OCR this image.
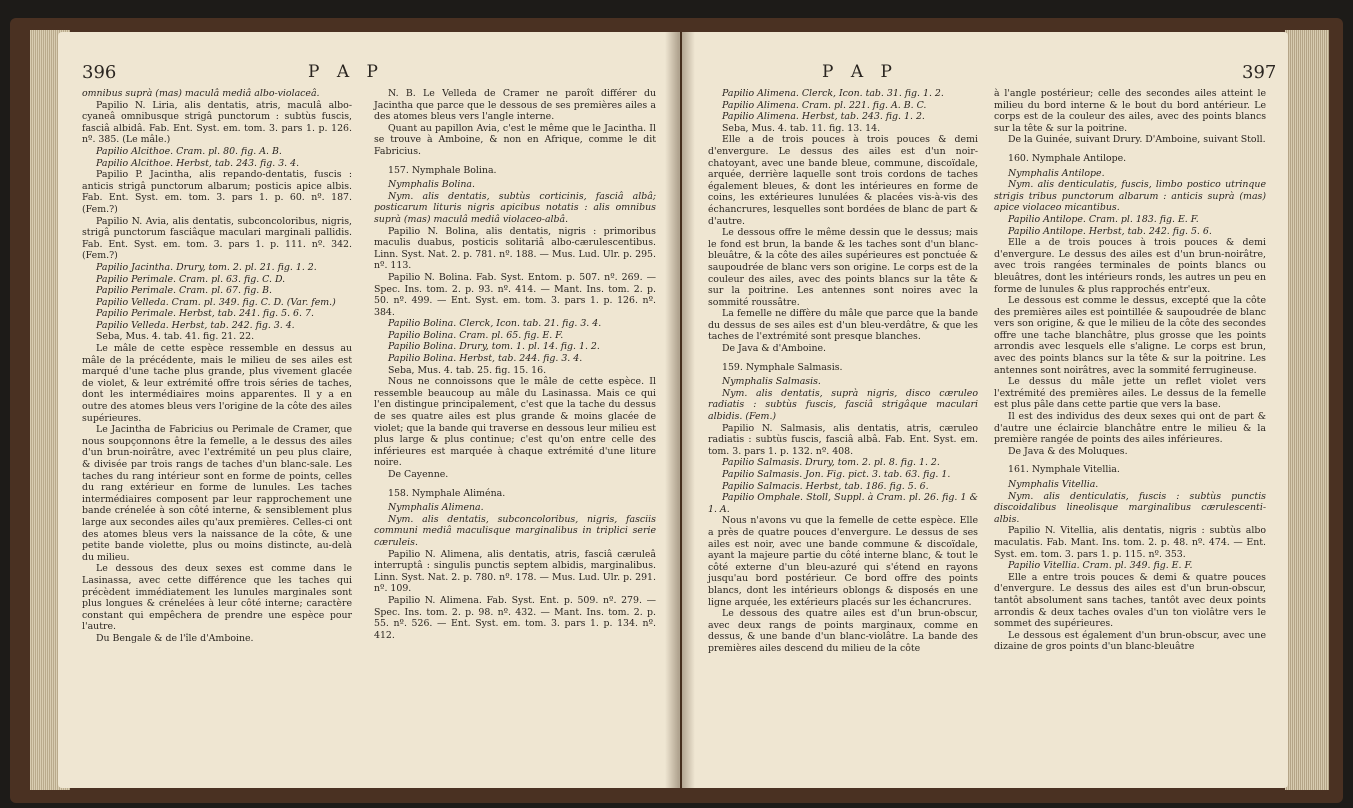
396	P A P

omnibus suprà (mas) maculâ mediâ albo-violaceâ.

Papilio N. Liria, alis dentatis, atris, maculâ albo-cyaneâ omnibusque strigâ punctorum : subtùs fuscis, fasciâ albidâ. Fab. Ent. Syst. em. tom. 3. pars 1. p. 126. nº. 385. (Le mâle.)

Papilio Alcithoe. Cram. pl. 80. fig. A. B.

Papilio Alcithoe. Herbst, tab. 243. fig. 3. 4.

Papilio P. Jacintha, alis repando-dentatis, fuscis : anticis strigâ punctorum albarum; posticis apice albis. Fab. Ent. Syst. em. tom. 3. pars 1. p. 60. nº. 187. (Fem.?)

Papilio N. Avia, alis dentatis, subconcoloribus, nigris, strigâ punctorum fasciâque maculari marginali pallidis. Fab. Ent. Syst. em. tom. 3. pars 1. p. 111. nº. 342. (Fem.?)

Papilio Jacintha. Drury, tom. 2. pl. 21. fig. 1. 2.

Papilio Perimale. Cram. pl. 63. fig. C. D.

Papilio Perimale. Cram. pl. 67. fig. B.

Papilio Velleda. Cram. pl. 349. fig. C. D. (Var. fem.)

Papilio Perimale. Herbst, tab. 241. fig. 5. 6. 7.

Papilio Velleda. Herbst, tab. 242. fig. 3. 4.

Seba, Mus. 4. tab. 41. fig. 21. 22.

Le mâle de cette espèce ressemble en dessus au mâle de la précédente, mais le milieu de ses ailes est marqué d'une tache plus grande, plus vivement glacée de violet, & leur extrémité offre trois séries de taches, dont les intermédiaires moins apparentes. Il y a en outre des atomes bleus vers l'origine de la côte des ailes supérieures.

Le Jacintha de Fabricius ou Perimale de Cramer, que nous soupçonnons être la femelle, a le dessus des ailes d'un brun-noirâtre, avec l'extrémité un peu plus claire, & divisée par trois rangs de taches d'un blanc-sale. Les taches du rang intérieur sont en forme de points, celles du rang extérieur en forme de lunules. Les taches intermédiaires composent par leur rapprochement une bande crénelée à son côté interne, & sensiblement plus large aux secondes ailes qu'aux premières. Celles-ci ont des atomes bleus vers la naissance de la côte, & une petite bande violette, plus ou moins distincte, au-delà du milieu.

Le dessous des deux sexes est comme dans le Lasinassa, avec cette différence que les taches qui précèdent immédiatement les lunules marginales sont plus longues & crénelées à leur côté interne; caractère constant qui empêchera de prendre une espèce pour l'autre.

Du Bengale & de l'île d'Amboine.

N. B. Le Velleda de Cramer ne paroît différer du Jacintha que parce que le dessous de ses premières ailes a des atomes bleus vers l'angle interne.

Quant au papillon Avia, c'est le même que le Jacintha. Il se trouve à Amboine, & non en Afrique, comme le dit Fabricius.

157. Nymphale Bolina.

Nymphalis Bolina.

Nym. alis dentatis, subtùs corticinis, fasciâ albâ; posticarum lituris nigris apicibus notatis : alis omnibus suprà (mas) maculâ mediâ violaceo-albâ.

Papilio N. Bolina, alis dentatis, nigris : primoribus maculis duabus, posticis solitariâ albo-cærulescentibus. Linn. Syst. Nat. 2. p. 781. nº. 188. — Mus. Lud. Ulr. p. 295. nº. 113.

Papilio N. Bolina. Fab. Syst. Entom. p. 507. nº. 269. — Spec. Ins. tom. 2. p. 93. nº. 414. — Mant. Ins. tom. 2. p. 50. nº. 499. — Ent. Syst. em. tom. 3. pars 1. p. 126. nº. 384.

Papilio Bolina. Clerck, Icon. tab. 21. fig. 3. 4.

Papilio Bolina. Cram. pl. 65. fig. E. F.

Papilio Bolina. Drury, tom. 1. pl. 14. fig. 1. 2.

Papilio Bolina. Herbst, tab. 244. fig. 3. 4.

Seba, Mus. 4. tab. 25. fig. 15. 16.

Nous ne connoissons que le mâle de cette espèce. Il ressemble beaucoup au mâle du Lasinassa. Mais ce qui l'en distingue principalement, c'est que la tache du dessus de ses quatre ailes est plus grande & moins glacée de violet; que la bande qui traverse en dessous leur milieu est plus large & plus continue; c'est qu'on entre celle des inférieures est marquée à chaque extrémité d'une liture noire.

De Cayenne.

158. Nymphale Aliména.

Nymphalis Alimena.

Nym. alis dentatis, subconcoloribus, nigris, fasciis communi mediâ maculisque marginalibus in triplici serie cæruleis.

Papilio N. Alimena, alis dentatis, atris, fasciâ cæruleâ interruptâ : singulis punctis septem albidis, marginalibus. Linn. Syst. Nat. 2. p. 780. nº. 178. — Mus. Lud. Ulr. p. 291. nº. 109.

Papilio N. Alimena. Fab. Syst. Ent. p. 509. nº. 279. — Spec. Ins. tom. 2. p. 98. nº. 432. — Mant. Ins. tom. 2. p. 55. nº. 526. — Ent. Syst. em. tom. 3. pars 1. p. 134. nº. 412.

P A P	397

Papilio Alimena. Clerck, Icon. tab. 31. fig. 1. 2.

Papilio Alimena. Cram. pl. 221. fig. A. B. C.

Papilio Alimena. Herbst, tab. 243. fig. 1. 2.

Seba, Mus. 4. tab. 11. fig. 13. 14.

Elle a de trois pouces à trois pouces & demi d'envergure. Le dessus des ailes est d'un noir-chatoyant, avec une bande bleue, commune, discoïdale, arquée, derrière laquelle sont trois cordons de taches également bleues, & dont les intérieures en forme de coins, les extérieures lunulées & placées vis-à-vis des échancrures, lesquelles sont bordées de blanc de part & d'autre.

Le dessous offre le même dessin que le dessus; mais le fond est brun, la bande & les taches sont d'un blanc-bleuâtre, & la côte des ailes supérieures est ponctuée & saupoudrée de blanc vers son origine. Le corps est de la couleur des ailes, avec des points blancs sur la tête & sur la poitrine. Les antennes sont noires avec la sommité roussâtre.

La femelle ne diffère du mâle que parce que la bande du dessus de ses ailes est d'un bleu-verdâtre, & que les taches de l'extrémité sont presque blanches.

De Java & d'Amboine.

159. Nymphale Salmasis.

Nymphalis Salmasis.

Nym. alis dentatis, suprà nigris, disco cæruleo radiatis : subtùs fuscis, fasciâ strigâque maculari albidis. (Fem.)

Papilio N. Salmasis, alis dentatis, atris, cæruleo radiatis : subtùs fuscis, fasciâ albâ. Fab. Ent. Syst. em. tom. 3. pars 1. p. 132. nº. 408.

Papilio Salmasis. Drury, tom. 2. pl. 8. fig. 1. 2.

Papilio Salmasis. Jon. Fig. pict. 3. tab. 63. fig. 1.

Papilio Salmacis. Herbst, tab. 186. fig. 5. 6.

Papilio Omphale. Stoll, Suppl. à Cram. pl. 26. fig. 1 & 1. A.

Nous n'avons vu que la femelle de cette espèce. Elle a près de quatre pouces d'envergure. Le dessus de ses ailes est noir, avec une bande commune & discoïdale, ayant la majeure partie du côté interne blanc, & tout le côté externe d'un bleu-azuré qui s'étend en rayons jusqu'au bord postérieur. Ce bord offre des points blancs, dont les intérieurs oblongs & disposés en une ligne arquée, les extérieurs placés sur les échancrures.

Le dessous des quatre ailes est d'un brun-obscur, avec deux rangs de points marginaux, comme en dessus, & une bande d'un blanc-violâtre. La bande des premières ailes descend du milieu de la côte

à l'angle postérieur; celle des secondes ailes atteint le milieu du bord interne & le bout du bord antérieur. Le corps est de la couleur des ailes, avec des points blancs sur la tête & sur la poitrine.

De la Guinée, suivant Drury. D'Amboine, suivant Stoll.

160. Nymphale Antilope.

Nymphalis Antilope.

Nym. alis denticulatis, fuscis, limbo postico utrinque strigis tribus punctorum albarum : anticis suprà (mas) apice violaceo micantibus.

Papilio Antilope. Cram. pl. 183. fig. E. F.

Papilio Antilope. Herbst, tab. 242. fig. 5. 6.

Elle a de trois pouces à trois pouces & demi d'envergure. Le dessus des ailes est d'un brun-noirâtre, avec trois rangées terminales de points blancs ou bleuâtres, dont les intérieurs ronds, les autres un peu en forme de lunules & plus rapprochés entr'eux.

Le dessous est comme le dessus, excepté que la côte des premières ailes est pointillée & saupoudrée de blanc vers son origine, & que le milieu de la côte des secondes offre une tache blanchâtre, plus grosse que les points arrondis avec lesquels elle s'aligne. Le corps est brun, avec des points blancs sur la tête & sur la poitrine. Les antennes sont noirâtres, avec la sommité ferrugineuse.

Le dessus du mâle jette un reflet violet vers l'extrémité des premières ailes. Le dessus de la femelle est plus pâle dans cette partie que vers la base.

Il est des individus des deux sexes qui ont de part & d'autre une éclaircie blanchâtre entre le milieu & la première rangée de points des ailes inférieures.

De Java & des Moluques.

161. Nymphale Vitellia.

Nymphalis Vitellia.

Nym. alis denticulatis, fuscis : subtùs punctis discoidalibus lineolisque marginalibus cærulescenti-albis.

Papilio N. Vitellia, alis dentatis, nigris : subtùs albo maculatis. Fab. Mant. Ins. tom. 2. p. 48. nº. 474. — Ent. Syst. em. tom. 3. pars 1. p. 115. nº. 353.

Papilio Vitellia. Cram. pl. 349. fig. E. F.

Elle a entre trois pouces & demi & quatre pouces d'envergure. Le dessus des ailes est d'un brun-obscur, tantôt absolument sans taches, tantôt avec deux points arrondis & deux taches ovales d'un ton violâtre vers le sommet des supérieures.

Le dessous est également d'un brun-obscur, avec une dizaine de gros points d'un blanc-bleuâtre
